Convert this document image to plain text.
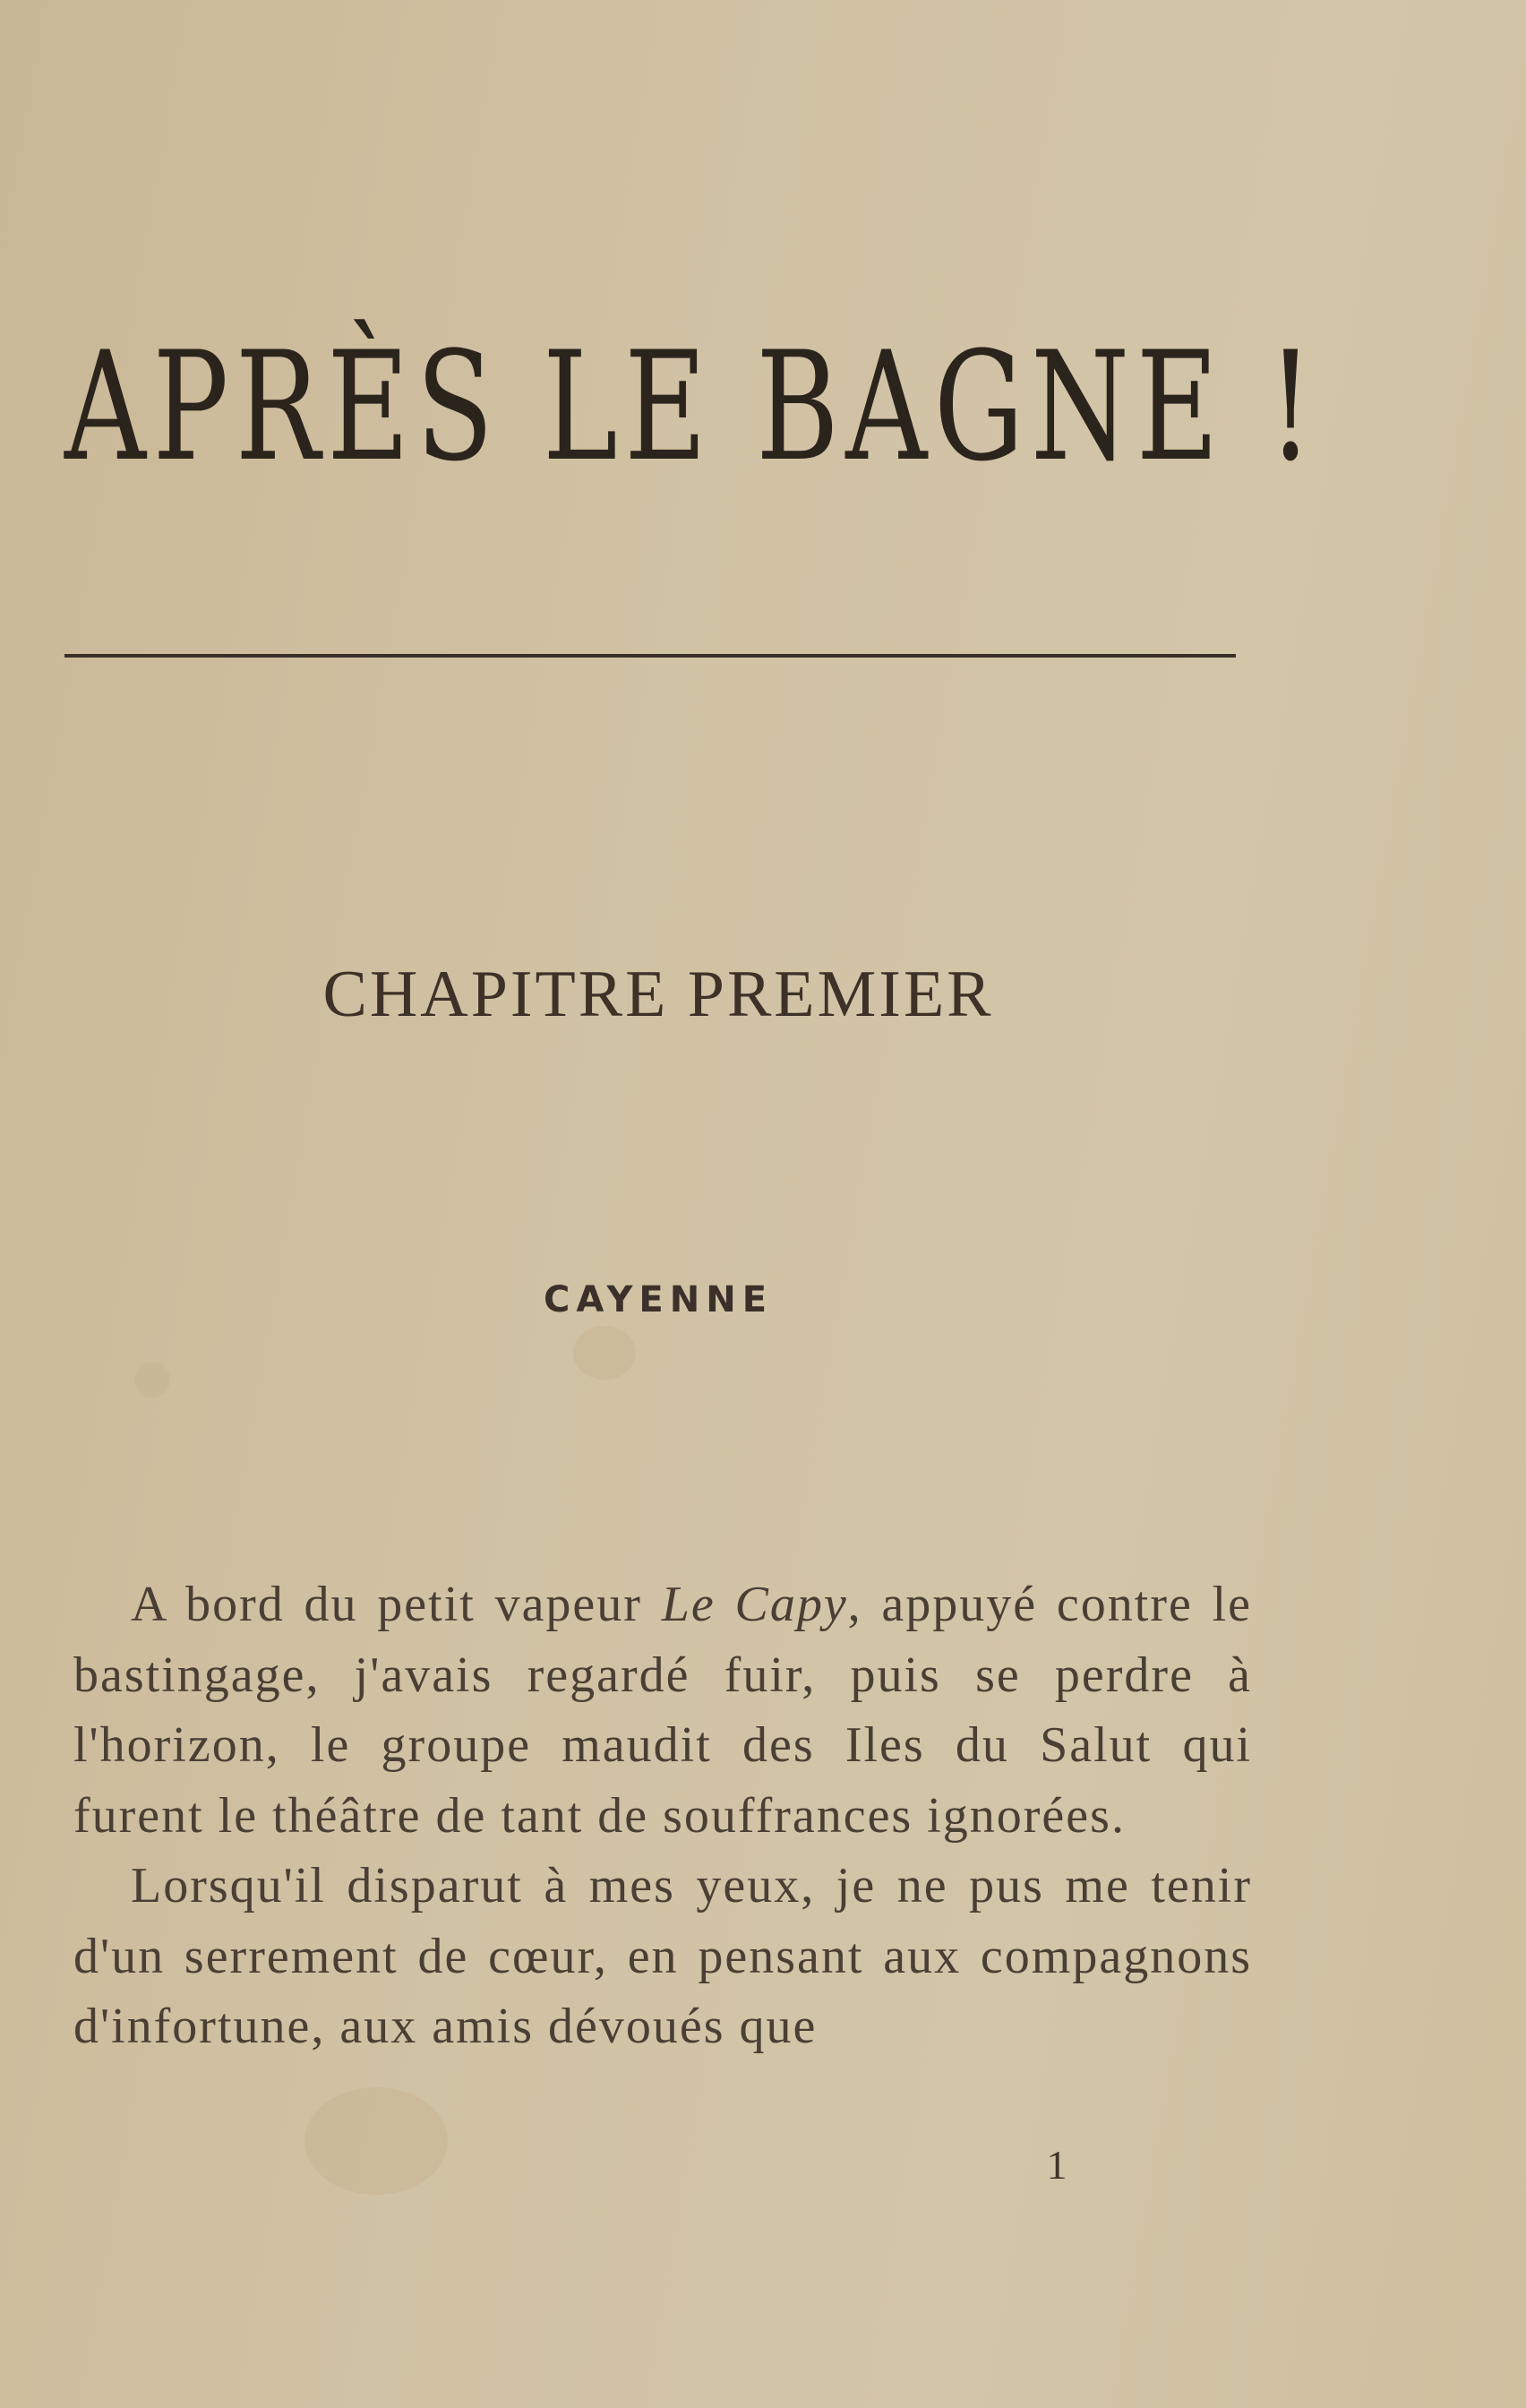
APRÈS LE BAGNE !
CHAPITRE PREMIER
CAYENNE

A bord du petit vapeur Le Capy, appuyé contre le bastingage, j'avais regardé fuir, puis se perdre à l'horizon, le groupe maudit des Iles du Salut qui furent le théâtre de tant de souffrances ignorées.

Lorsqu'il disparut à mes yeux, je ne pus me tenir d'un serrement de cœur, en pensant aux compagnons d'infortune, aux amis dévoués que

1
